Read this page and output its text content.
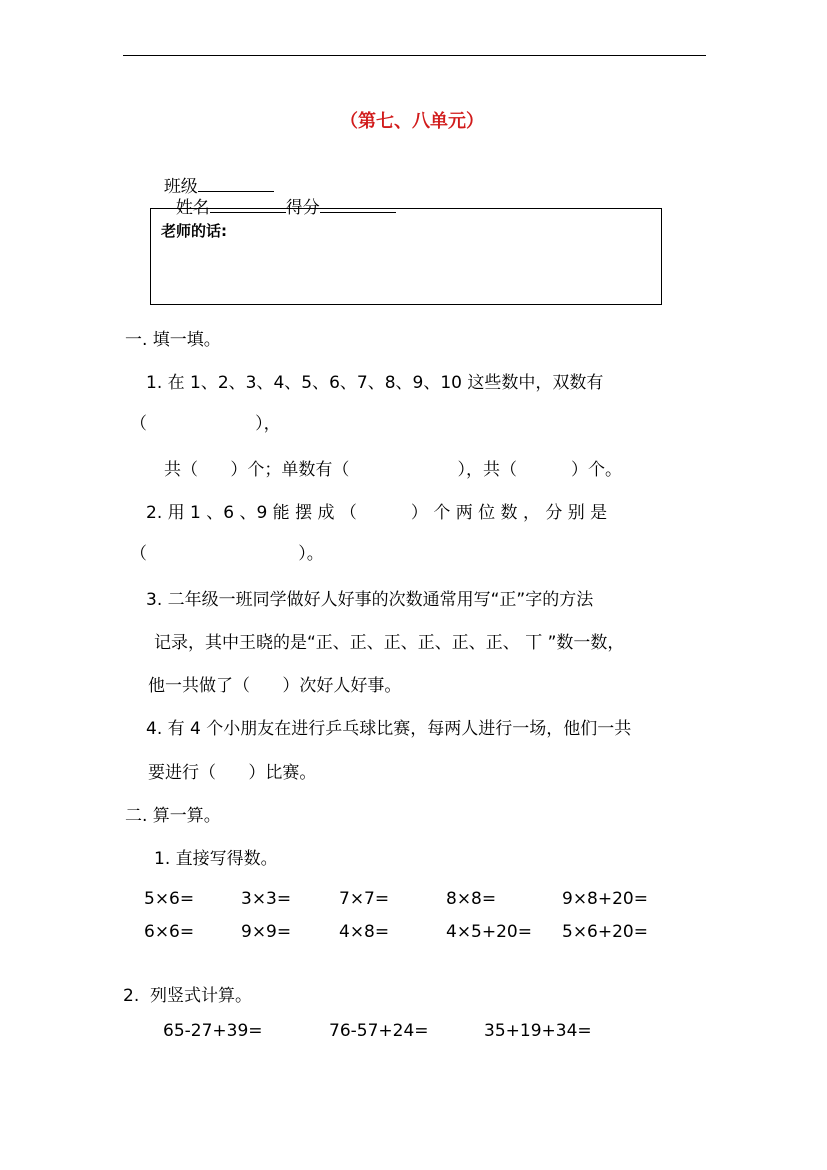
（第七、八单元）

班级
姓名	得分

老师的话:
一. 填一填。
1. 在 1、2、3、4、5、6、7、8、9、10 这些数中，双数有
（                    ），
共（      ）个；单数有（                    ），共（          ）个。
2. 用 1 、6 、9 能 摆 成 （          ） 个 两 位 数 ， 分 别 是
（                            ）。
3. 二年级一班同学做好人好事的次数通常用写“正”字的方法
记录，其中王晓的是“正、正、正、正、正、正、 丅 ”数一数，
他一共做了（      ）次好人好事。
4. 有 4 个小朋友在进行乒乓球比赛，每两人进行一场，他们一共
要进行（      ）比赛。
二. 算一算。
1. 直接写得数。
5×6=	3×3=	7×7=	8×8=	9×8+20=
6×6=	9×9=	4×8=	4×5+20= 5×6+20=
2.  列竖式计算。
65-27+39=	76-57+24=	35+19+34=
